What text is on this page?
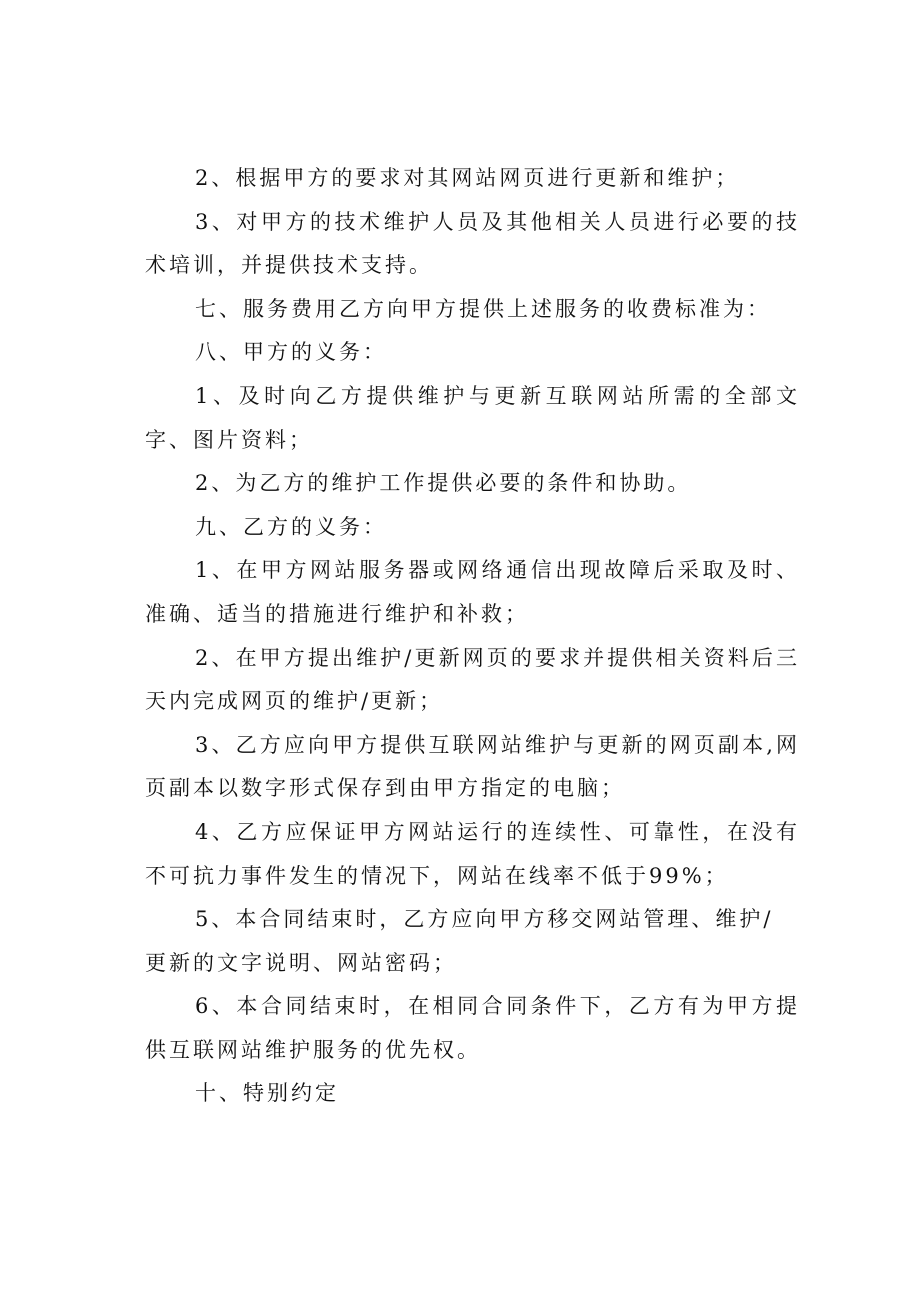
2、根据甲方的要求对其网站网页进行更新和维护；

3、对甲方的技术维护人员及其他相关人员进行必要的技术培训，并提供技术支持。

七、服务费用乙方向甲方提供上述服务的收费标准为：

八、甲方的义务：

1、及时向乙方提供维护与更新互联网站所需的全部文字、图片资料；

2、为乙方的维护工作提供必要的条件和协助。

九、乙方的义务：

1、在甲方网站服务器或网络通信出现故障后采取及时、准确、适当的措施进行维护和补救；

2、在甲方提出维护/更新网页的要求并提供相关资料后三天内完成网页的维护/更新；

3、乙方应向甲方提供互联网站维护与更新的网页副本,网页副本以数字形式保存到由甲方指定的电脑；

4、乙方应保证甲方网站运行的连续性、可靠性，在没有不可抗力事件发生的情况下，网站在线率不低于99%；

5、本合同结束时，乙方应向甲方移交网站管理、维护/
更新的文字说明、网站密码；

6、本合同结束时，在相同合同条件下，乙方有为甲方提供互联网站维护服务的优先权。

十、特别约定
